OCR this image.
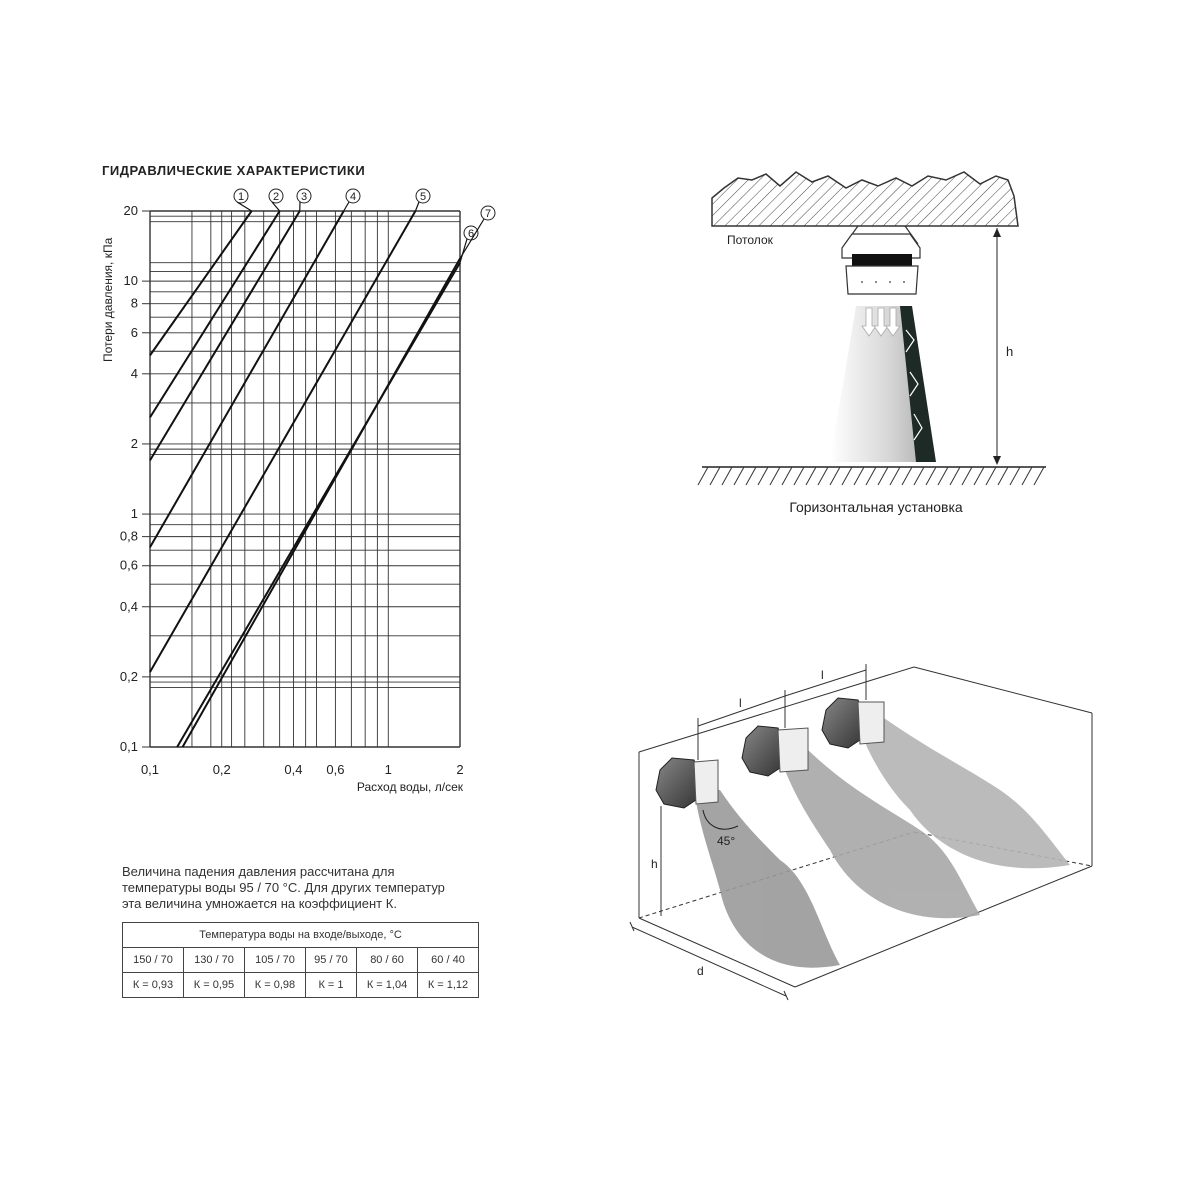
ГИДРАВЛИЧЕСКИЕ ХАРАКТЕРИСТИКИ
1	2 3	4	5
6
7
0,1	0,2	0,4 0,6	1	2
0,1
0,2
0,4
0,6
0,8
1
2
4
6
8
10
20
Потери давления, кПа
Расход воды, л/сек
Величина падения давления рассчитана для
температуры воды 95 / 70 °С. Для других температур
эта величина умножается на коэффициент К.
Температура воды на входе/выходе, °С					
150 / 70	130 / 70	105 / 70	95 / 70	80 / 60	60 / 40
К = 0,93	К = 0,95	К = 0,98	К = 1	К = 1,04	К = 1,12
Потолок
h
Горизонтальная установка
l
l
h
d
45°
